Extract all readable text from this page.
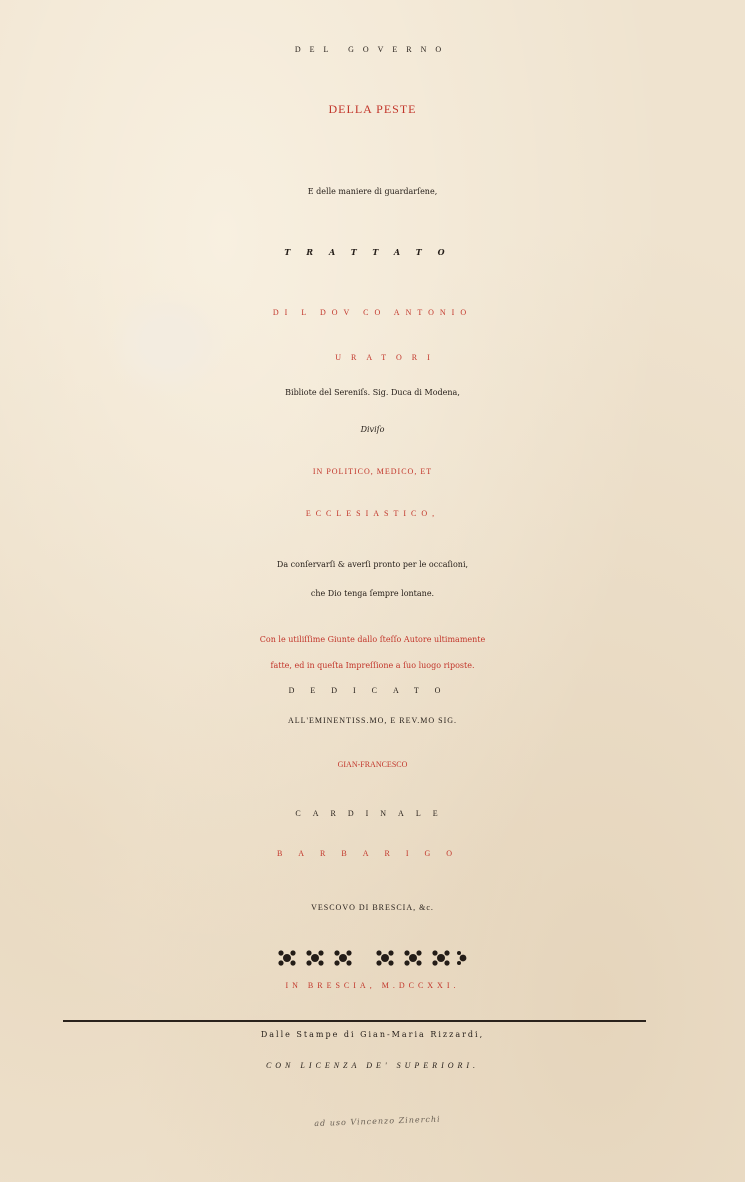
DEL GOVERNO

DELLA PESTE

E delle maniere di guardarſene,

TRATTATO

DI L DOV CO ANTONIO

URATORI

Bibliote del Sereniſs. Sig. Duca di Modena,

Diviſo

IN POLITICO, MEDICO, ET

ECCLESIASTICO,

Da conſervarſi & averſi pronto per le occaſioni,

che Dio tenga ſempre lontane.

Con le utiliſſime Giunte dallo ſteſſo Autore ultimamente

fatte, ed in queſta Impreſſione a ſuo luogo riposte.

DEDICATO

ALL'EMINENTISS.MO, E REV.MO SIG.

GIAN-FRANCESCO

CARDINALE

BARBARIGO

VESCOVO DI BRESCIA, &c.

IN BRESCIA, M.DCCXXI.

Dalle Stampe di Gian-Maria Rizzardi,

CON LICENZA DE' SUPERIORI.

ad uso Vincenzo Zinerchi
